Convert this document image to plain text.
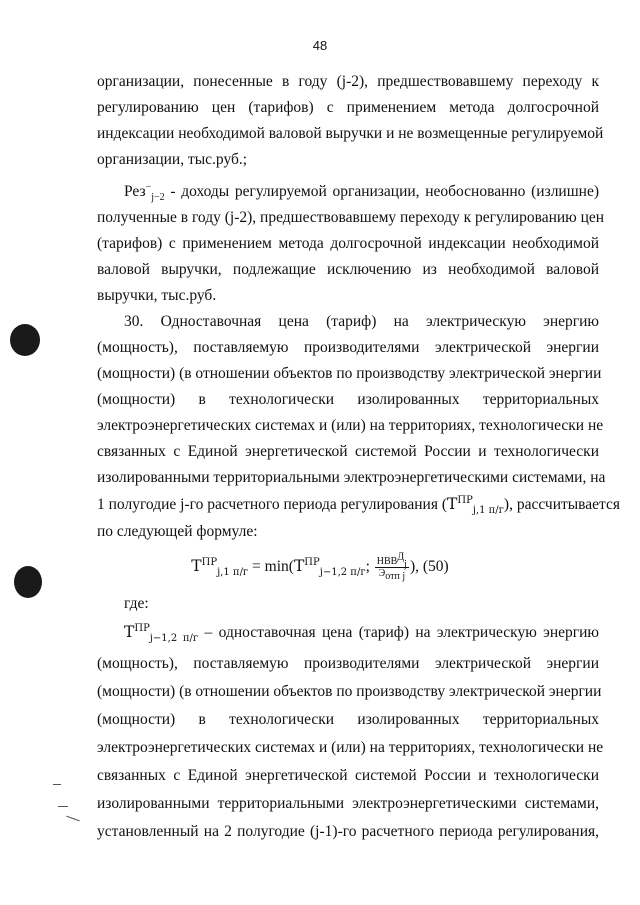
48
организации, понесенные в году (j-2), предшествовавшему переходу к
регулированию цен (тарифов) с применением метода долгосрочной
индексации необходимой валовой выручки и не возмещенные регулируемой
организации, тыс.руб.;
Рез−$_{j-2}$ - доходы регулируемой организации, необоснованно (излишне)
полученные в году (j-2), предшествовавшему переходу к регулированию цен
(тарифов) с применением метода долгосрочной индексации необходимой
валовой выручки, подлежащие исключению из необходимой валовой
выручки, тыс.руб.
30. Одноставочная цена (тариф) на электрическую энергию
(мощность), поставляемую производителями электрической энергии
(мощности) (в отношении объектов по производству электрической энергии
(мощности) в технологически изолированных территориальных
электроэнергетических системах и (или) на территориях, технологически не
связанных с Единой энергетической системой России и технологически
изолированными территориальными электроэнергетическими системами, на
1 полугодие j-го расчетного периода регулирования $(T^{ПР}_{j,1 п/г})$, рассчитывается
по следующей формуле:
$T^{ПР}_{j,1 п/г} = \min(T^{ПР}_{j-1,2 п/г}$; $\frac{НВВ^Д_j}{Э_{отп j}}$ ), (50)
где:
$T^{ПР}_{j-1,2 п/г}$ – одноставочная цена (тариф) на электрическую энергию
(мощность), поставляемую производителями электрической энергии
(мощности) (в отношении объектов по производству электрической энергии
(мощности) в технологически изолированных территориальных
электроэнергетических системах и (или) на территориях, технологически не
связанных с Единой энергетической системой России и технологически
изолированными территориальными электроэнергетическими системами,
установленный на 2 полугодие (j-1)-го расчетного периода регулирования,
